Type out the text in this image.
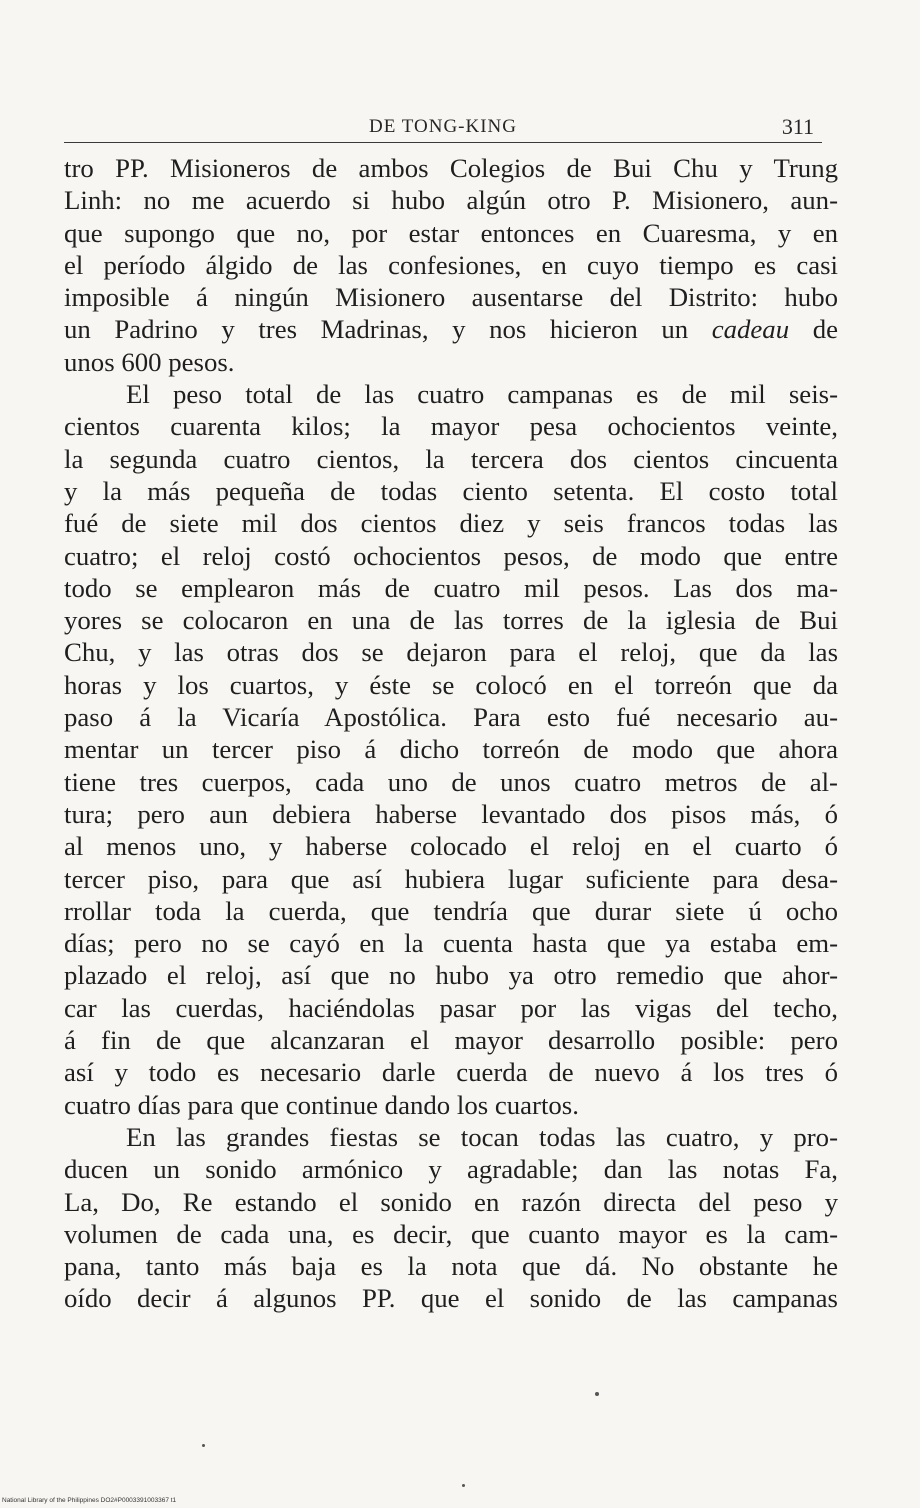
DE TONG-KING	311
tro PP. Misioneros de ambos Colegios de Bui Chu y Trung
Linh: no me acuerdo si hubo algún otro P. Misionero, aun-
que supongo que no, por estar entonces en Cuaresma, y en
el período álgido de las confesiones, en cuyo tiempo es casi
imposible á ningún Misionero ausentarse del Distrito: hubo
un Padrino y tres Madrinas, y nos hicieron un cadeau de
unos 600 pesos.
El peso total de las cuatro campanas es de mil seis-
cientos cuarenta kilos; la mayor pesa ochocientos veinte,
la segunda cuatro cientos, la tercera dos cientos cincuenta
y la más pequeña de todas ciento setenta. El costo total
fué de siete mil dos cientos diez y seis francos todas las
cuatro; el reloj costó ochocientos pesos, de modo que entre
todo se emplearon más de cuatro mil pesos. Las dos ma-
yores se colocaron en una de las torres de la iglesia de Bui
Chu, y las otras dos se dejaron para el reloj, que da las
horas y los cuartos, y éste se colocó en el torreón que da
paso á la Vicaría Apostólica. Para esto fué necesario au-
mentar un tercer piso á dicho torreón de modo que ahora
tiene tres cuerpos, cada uno de unos cuatro metros de al-
tura; pero aun debiera haberse levantado dos pisos más, ó
al menos uno, y haberse colocado el reloj en el cuarto ó
tercer piso, para que así hubiera lugar suficiente para desa-
rrollar toda la cuerda, que tendría que durar siete ú ocho
días; pero no se cayó en la cuenta hasta que ya estaba em-
plazado el reloj, así que no hubo ya otro remedio que ahor-
car las cuerdas, haciéndolas pasar por las vigas del techo,
á fin de que alcanzaran el mayor desarrollo posible: pero
así y todo es necesario darle cuerda de nuevo á los tres ó
cuatro días para que continue dando los cuartos.
En las grandes fiestas se tocan todas las cuatro, y pro-
ducen un sonido armónico y agradable; dan las notas Fa,
La, Do, Re estando el sonido en razón directa del peso y
volumen de cada una, es decir, que cuanto mayor es la cam-
pana, tanto más baja es la nota que dá. No obstante he
oído decir á algunos PP. que el sonido de las campanas
National Library of the Philippines DO2#P0003391003367 t1
